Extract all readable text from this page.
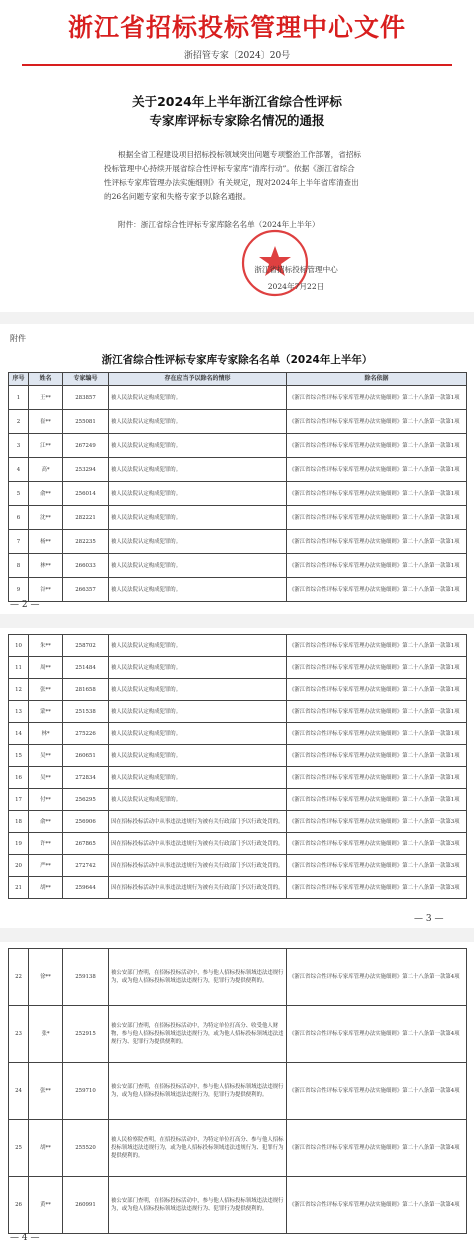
浙江省招标投标管理中心文件
浙招管专家〔2024〕20号
关于2024年上半年浙江省综合性评标
专家库评标专家除名情况的通报
根据全省工程建设项目招标投标领域突出问题专项整治工作部署，省招标投标管理中心持续开展省综合性评标专家库“清库行动”。依据《浙江省综合性评标专家库管理办法实施细则》有关规定，现对2024年上半年省库清查出的26名问题专家和失格专家予以除名通报。
附件：浙江省综合性评标专家库除名名单（2024年上半年）
浙江省招标投标管理中心
2024年7月22日
附件
浙江省综合性评标专家库专家除名名单（2024年上半年）
序号	姓名	专家编号	存在应当予以除名的情形	除名依据
1	王**	283857	被人民法院认定构成犯罪的。	《浙江省综合性评标专家库管理办法实施细则》第二十八条第一款第1项
2	崔**	255081	被人民法院认定构成犯罪的。	《浙江省综合性评标专家库管理办法实施细则》第二十八条第一款第1项
3	江**	267249	被人民法院认定构成犯罪的。	《浙江省综合性评标专家库管理办法实施细则》第二十八条第一款第1项
4	高*	253294	被人民法院认定构成犯罪的。	《浙江省综合性评标专家库管理办法实施细则》第二十八条第一款第1项
5	俞**	256014	被人民法院认定构成犯罪的。	《浙江省综合性评标专家库管理办法实施细则》第二十八条第一款第1项
6	沈**	282221	被人民法院认定构成犯罪的。	《浙江省综合性评标专家库管理办法实施细则》第二十八条第一款第1项
7	杨**	282235	被人民法院认定构成犯罪的。	《浙江省综合性评标专家库管理办法实施细则》第二十八条第一款第1项
8	林**	266033	被人民法院认定构成犯罪的。	《浙江省综合性评标专家库管理办法实施细则》第二十八条第一款第1项
9	谷**	266357	被人民法院认定构成犯罪的。	《浙江省综合性评标专家库管理办法实施细则》第二十八条第一款第1项
— 2 —
10	朱**	258702	被人民法院认定构成犯罪的。	《浙江省综合性评标专家库管理办法实施细则》第二十八条第一款第1项
11	周**	251484	被人民法院认定构成犯罪的。	《浙江省综合性评标专家库管理办法实施细则》第二十八条第一款第1项
12	张**	281658	被人民法院认定构成犯罪的。	《浙江省综合性评标专家库管理办法实施细则》第二十八条第一款第1项
13	蒙**	251538	被人民法院认定构成犯罪的。	《浙江省综合性评标专家库管理办法实施细则》第二十八条第一款第1项
14	林*	275226	被人民法院认定构成犯罪的。	《浙江省综合性评标专家库管理办法实施细则》第二十八条第一款第1项
15	吴**	260651	被人民法院认定构成犯罪的。	《浙江省综合性评标专家库管理办法实施细则》第二十八条第一款第1项
16	吴**	272834	被人民法院认定构成犯罪的。	《浙江省综合性评标专家库管理办法实施细则》第二十八条第一款第1项
17	付**	256295	被人民法院认定构成犯罪的。	《浙江省综合性评标专家库管理办法实施细则》第二十八条第一款第1项
18	俞**	256906	因在招标投标活动中从事违法违规行为被有关行政部门予以行政处罚的。	《浙江省综合性评标专家库管理办法实施细则》第二十八条第一款第3项
19	许**	267865	因在招标投标活动中从事违法违规行为被有关行政部门予以行政处罚的。	《浙江省综合性评标专家库管理办法实施细则》第二十八条第一款第3项
20	严**	272742	因在招标投标活动中从事违法违规行为被有关行政部门予以行政处罚的。	《浙江省综合性评标专家库管理办法实施细则》第二十八条第一款第3项
21	胡**	259644	因在招标投标活动中从事违法违规行为被有关行政部门予以行政处罚的。	《浙江省综合性评标专家库管理办法实施细则》第二十八条第一款第3项
— 3 —
22	徐**	259138	被公安部门查明，在招标投标活动中，参与他人招标投标领域违法违规行为，或为他人招标投标领域违法违规行为，犯罪行为提供便利的。	《浙江省综合性评标专家库管理办法实施细则》第二十八条第一款第4项
23	张*	252915	被公安部门查明，在招标投标活动中，为特定单位打高分、收受他人财物，参与他人招标投标领域违法违规行为，或为他人招标投标领域违法违规行为、犯罪行为提供便利的。	《浙江省综合性评标专家库管理办法实施细则》第二十八条第一款第4项
24	张**	259710	被公安部门查明，在招标投标活动中，参与他人招标投标领域违法违规行为，或为他人招标投标领域违法违规行为，犯罪行为提供便利的。	《浙江省综合性评标专家库管理办法实施细则》第二十八条第一款第4项
25	胡**	255520	被人民检察院查明，在招投标活动中，为特定单位打高分、参与他人招标投标领域违法违规行为，或为他人招标投标领域违法违规行为、犯罪行为提供便利的。	《浙江省综合性评标专家库管理办法实施细则》第二十八条第一款第4项
26	黄**	260991	被公安部门查明，在招标投标活动中，参与他人招标投标领域违法违规行为，或为他人招标投标领域违法违规行为、犯罪行为提供便利的。	《浙江省综合性评标专家库管理办法实施细则》第二十八条第一款第4项
— 4 —
